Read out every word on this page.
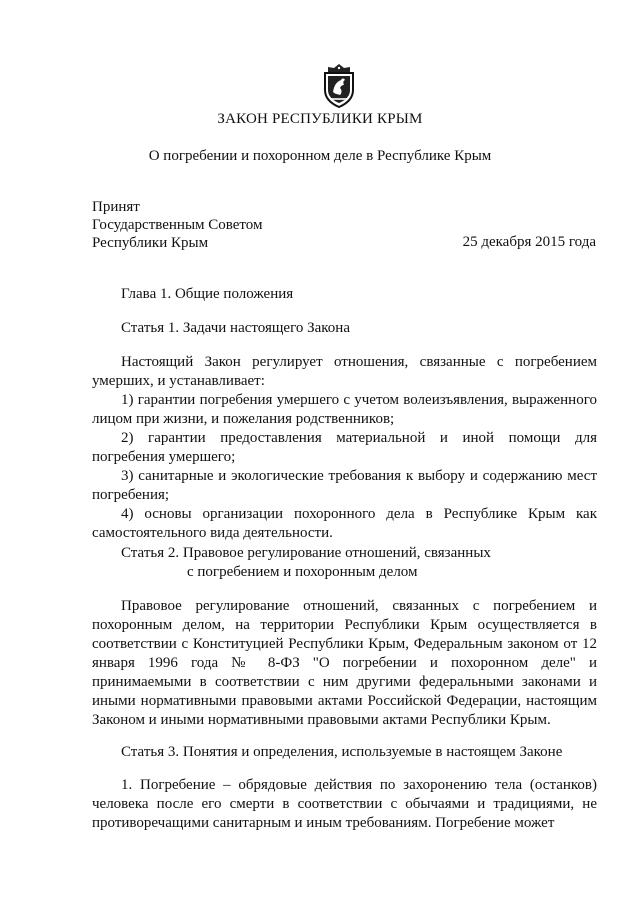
ЗАКОН РЕСПУБЛИКИ КРЫМ
О погребении и похоронном деле в Республике Крым
Принят
Государственным Советом
Республики Крым	25 декабря 2015 года
Глава 1. Общие положения
Статья 1. Задачи настоящего Закона
Настоящий Закон регулирует отношения, связанные с погребением умерших, и устанавливает:
1) гарантии погребения умершего с учетом волеизъявления, выраженного лицом при жизни, и пожелания родственников;
2) гарантии предоставления материальной и иной помощи для погребения умершего;
3) санитарные и экологические требования к выбору и содержанию мест погребения;
4) основы организации похоронного дела в Республике Крым как самостоятельного вида деятельности.
Статья 2. Правовое регулирование отношений, связанных
с погребением и похоронным делом
Правовое регулирование отношений, связанных с погребением и похоронным делом, на территории Республики Крым осуществляется в соответствии с Конституцией Республики Крым, Федеральным законом от 12 января 1996 года № 8-ФЗ "О погребении и похоронном деле" и принимаемыми в соответствии с ним другими федеральными законами и иными нормативными правовыми актами Российской Федерации, настоящим Законом и иными нормативными правовыми актами Республики Крым.
Статья 3. Понятия и определения, используемые в настоящем Законе
1. Погребение – обрядовые действия по захоронению тела (останков) человека после его смерти в соответствии с обычаями и традициями, не противоречащими санитарным и иным требованиям. Погребение может
